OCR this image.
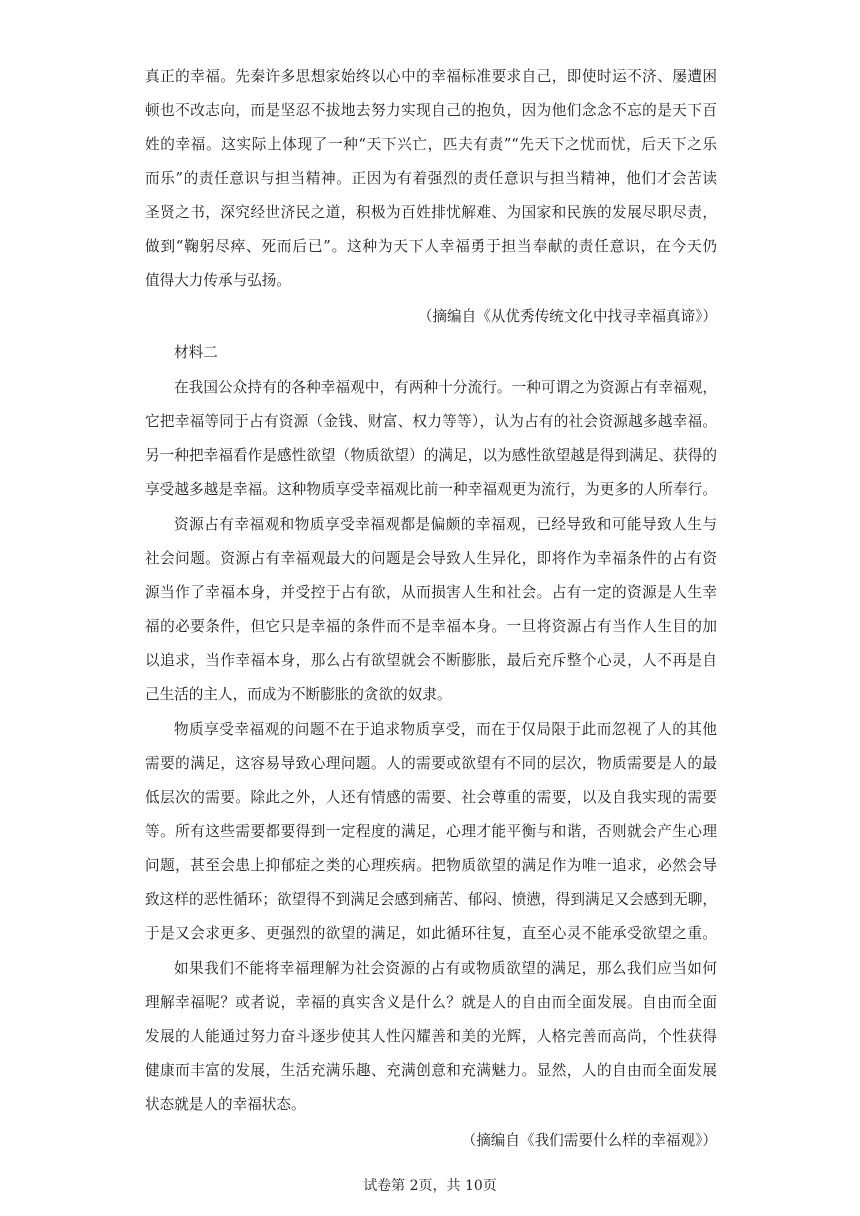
真正的幸福。先秦许多思想家始终以心中的幸福标准要求自己，即使时运不济、屡遭困
顿也不改志向，而是坚忍不拔地去努力实现自己的抱负，因为他们念念不忘的是天下百
姓的幸福。这实际上体现了一种“天下兴亡，匹夫有责”“先天下之忧而忧，后天下之乐
而乐”的责任意识与担当精神。正因为有着强烈的责任意识与担当精神，他们才会苦读
圣贤之书，深究经世济民之道，积极为百姓排忧解难、为国家和民族的发展尽职尽责，
做到“鞠躬尽瘁、死而后已”。这种为天下人幸福勇于担当奉献的责任意识，在今天仍
值得大力传承与弘扬。
（摘编自《从优秀传统文化中找寻幸福真谛》）
材料二
在我国公众持有的各种幸福观中，有两种十分流行。一种可谓之为资源占有幸福观，
它把幸福等同于占有资源（金钱、财富、权力等等），认为占有的社会资源越多越幸福。
另一种把幸福看作是感性欲望（物质欲望）的满足，以为感性欲望越是得到满足、获得的
享受越多越是幸福。这种物质享受幸福观比前一种幸福观更为流行，为更多的人所奉行。
资源占有幸福观和物质享受幸福观都是偏颇的幸福观，已经导致和可能导致人生与
社会问题。资源占有幸福观最大的问题是会导致人生异化，即将作为幸福条件的占有资
源当作了幸福本身，并受控于占有欲，从而损害人生和社会。占有一定的资源是人生幸
福的必要条件，但它只是幸福的条件而不是幸福本身。一旦将资源占有当作人生目的加
以追求，当作幸福本身，那么占有欲望就会不断膨胀，最后充斥整个心灵，人不再是自
己生活的主人，而成为不断膨胀的贪欲的奴隶。
物质享受幸福观的问题不在于追求物质享受，而在于仅局限于此而忽视了人的其他
需要的满足，这容易导致心理问题。人的需要或欲望有不同的层次，物质需要是人的最
低层次的需要。除此之外，人还有情感的需要、社会尊重的需要，以及自我实现的需要
等。所有这些需要都要得到一定程度的满足，心理才能平衡与和谐，否则就会产生心理
问题，甚至会患上抑郁症之类的心理疾病。把物质欲望的满足作为唯一追求，必然会导
致这样的恶性循环；欲望得不到满足会感到痛苦、郁闷、愤懑，得到满足又会感到无聊，
于是又会求更多、更强烈的欲望的满足，如此循环往复，直至心灵不能承受欲望之重。
如果我们不能将幸福理解为社会资源的占有或物质欲望的满足，那么我们应当如何
理解幸福呢？或者说，幸福的真实含义是什么？就是人的自由而全面发展。自由而全面
发展的人能通过努力奋斗逐步使其人性闪耀善和美的光辉，人格完善而高尚，个性获得
健康而丰富的发展，生活充满乐趣、充满创意和充满魅力。显然，人的自由而全面发展
状态就是人的幸福状态。
（摘编自《我们需要什么样的幸福观》）
试卷第 2页，共 10页
